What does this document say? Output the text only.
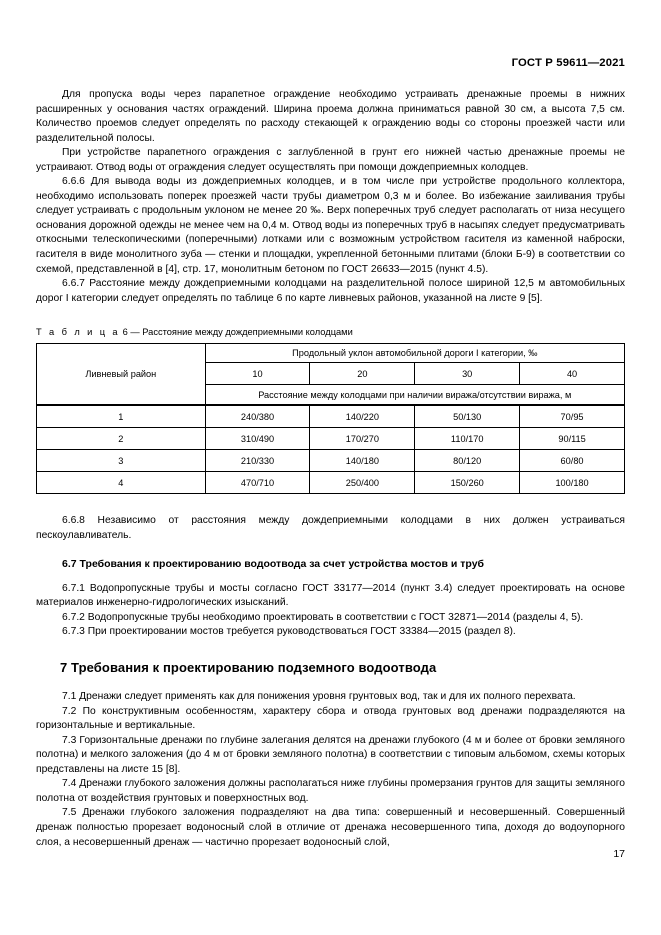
ГОСТ Р 59611—2021

Для пропуска воды через парапетное ограждение необходимо устраивать дренажные проемы в нижних расширенных у основания частях ограждений. Ширина проема должна приниматься равной 30 см, а высота 7,5 см. Количество проемов следует определять по расходу стекающей к ограждению воды со стороны проезжей части или разделительной полосы.

При устройстве парапетного ограждения с заглубленной в грунт его нижней частью дренажные проемы не устраивают. Отвод воды от ограждения следует осуществлять при помощи дождеприемных колодцев.

6.6.6 Для вывода воды из дождеприемных колодцев, и в том числе при устройстве продольного коллектора, необходимо использовать поперек проезжей части трубы диаметром 0,3 м и более. Во избежание заиливания трубы следует устраивать с продольным уклоном не менее 20 ‰. Верх поперечных труб следует располагать от низа несущего основания дорожной одежды не менее чем на 0,4 м. Отвод воды из поперечных труб в насыпях следует предусматривать откосными телескопическими (поперечными) лотками или с возможным устройством гасителя из каменной наброски, гасителя в виде монолитного зуба — стенки и площадки, укрепленной бетонными плитами (блоки Б-9) в соответствии со схемой, представленной в [4], стр. 17, монолитным бетоном по ГОСТ 26633—2015 (пункт 4.5).

6.6.7 Расстояние между дождеприемными колодцами на разделительной полосе шириной 12,5 м автомобильных дорог I категории следует определять по таблице 6 по карте ливневых районов, указанной на листе 9 [5].

Т а б л и ц а 6 — Расстояние между дождеприемными колодцами

Ливневый район	Продольный уклон автомобильной дороги I категории, ‰			
	10	20	30	40
	Расстояние между колодцами при наличии виража/отсутствии виража, м			
1	240/380	140/220	50/130	70/95
2	310/490	170/270	110/170	90/115
3	210/330	140/180	80/120	60/80
4	470/710	250/400	150/260	100/180

6.6.8 Независимо от расстояния между дождеприемными колодцами в них должен устраиваться пескоулавливатель.

6.7 Требования к проектированию водоотвода за счет устройства мостов и труб

6.7.1 Водопропускные трубы и мосты согласно ГОСТ 33177—2014 (пункт 3.4) следует проектировать на основе материалов инженерно-гидрологических изысканий.

6.7.2 Водопропускные трубы необходимо проектировать в соответствии с ГОСТ 32871—2014 (разделы 4, 5).

6.7.3 При проектировании мостов требуется руководствоваться ГОСТ 33384—2015 (раздел 8).

7 Требования к проектированию подземного водоотвода

7.1 Дренажи следует применять как для понижения уровня грунтовых вод, так и для их полного перехвата.

7.2 По конструктивным особенностям, характеру сбора и отвода грунтовых вод дренажи подразделяются на горизонтальные и вертикальные.

7.3 Горизонтальные дренажи по глубине залегания делятся на дренажи глубокого (4 м и более от бровки земляного полотна) и мелкого заложения (до 4 м от бровки земляного полотна) в соответствии с типовым альбомом, схемы которых представлены на листе 15 [8].

7.4 Дренажи глубокого заложения должны располагаться ниже глубины промерзания грунтов для защиты земляного полотна от воздействия грунтовых и поверхностных вод.

7.5 Дренажи глубокого заложения подразделяют на два типа: совершенный и несовершенный. Совершенный дренаж полностью прорезает водоносный слой в отличие от дренажа несовершенного типа, доходя до водоупорного слоя, а несовершенный дренаж — частично прорезает водоносный слой,

17
